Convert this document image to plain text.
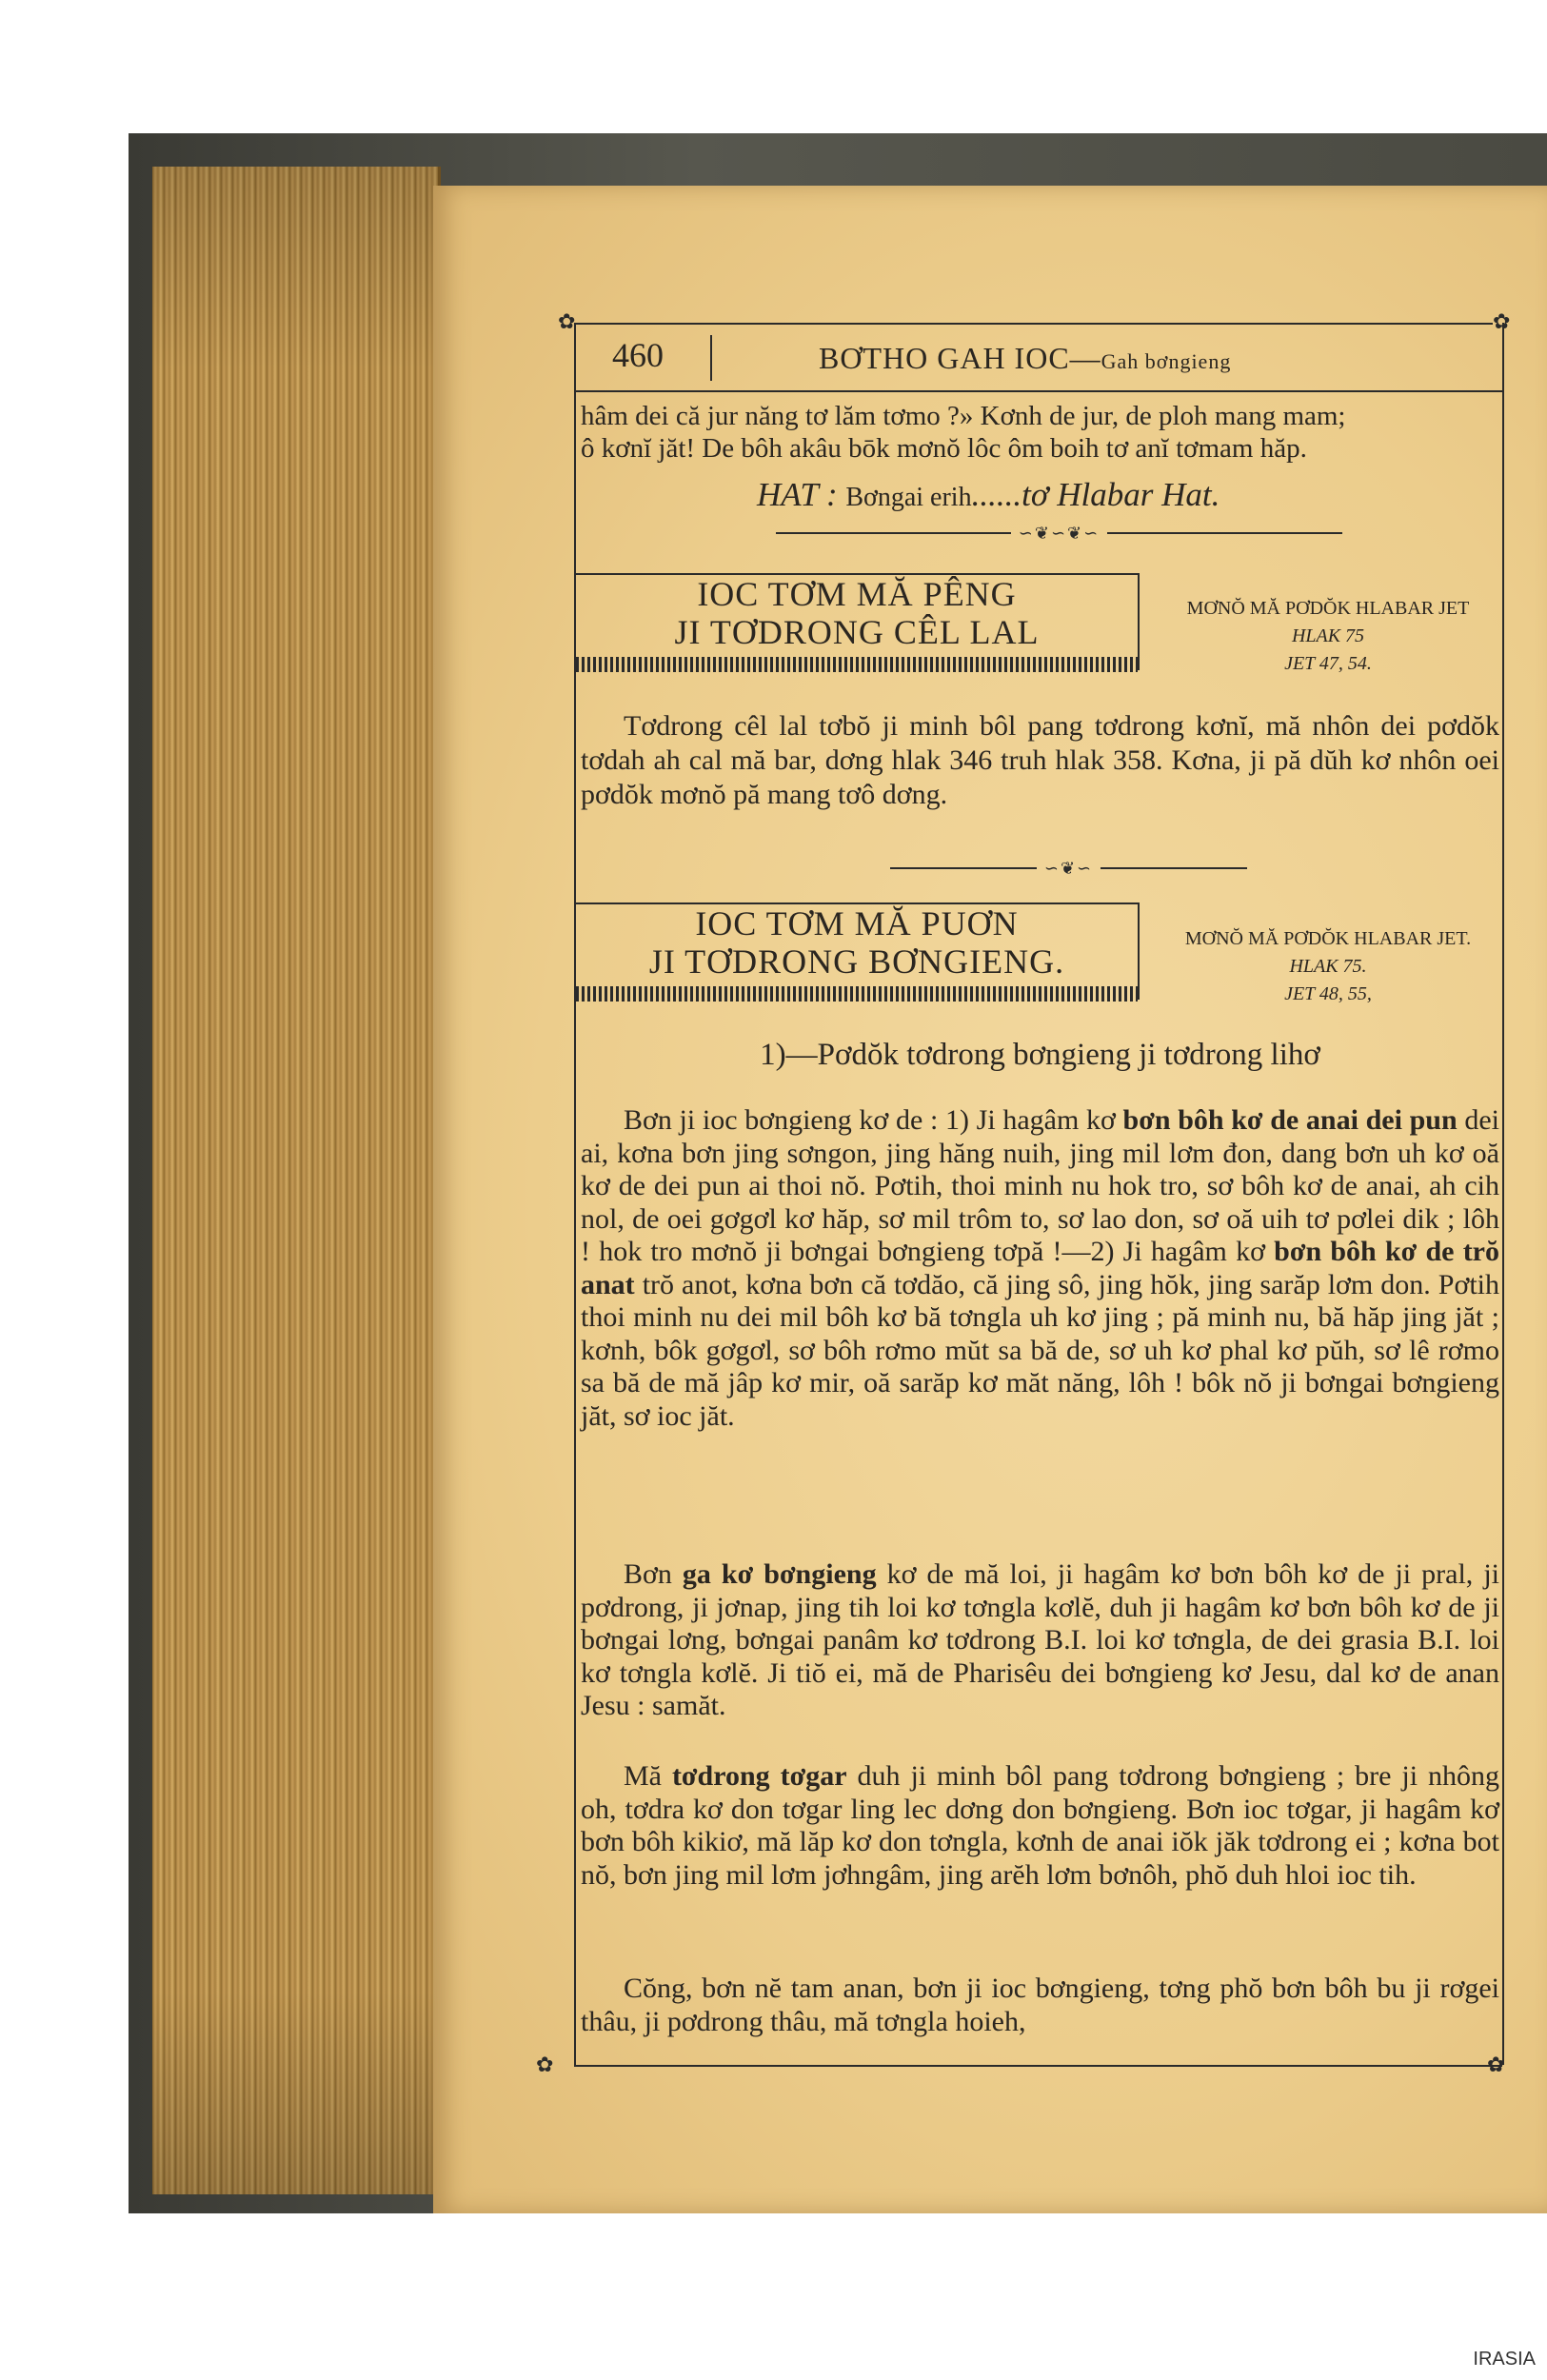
✿	✿
✿	✿
460	BƠTHO GAH IOC—Gah bơngieng
hâm dei că jur năng tơ lăm tơmo ?» Kơnh de jur, de ploh mang mam;
ô kơnĭ jăt! De bôh akâu bōk mơnŏ lôc ôm boih tơ anĭ tơmam hăp.
HAT : Bơngai erih......tơ Hlabar Hat.
∽❦∽❦∽
IOC TƠM MĂ PÊNG
JI TƠDRONG CÊL LAL
MƠNŎ MĂ PƠDŎK HLABAR JET
HLAK 75
JET 47, 54.
Tơdrong cêl lal tơbŏ ji minh bôl pang tơdrong kơnĭ, mă nhôn dei pơdŏk tơdah ah cal mă bar, dơng hlak 346 truh hlak 358. Kơna, ji pă dŭh kơ nhôn oei pơdŏk mơnŏ pă mang tơô dơng.
∽❦∽
IOC TƠM MĂ PUƠN
JI TƠDRONG BƠNGIENG.
MƠNŎ MĂ PƠDŎK HLABAR JET.
HLAK 75.
JET 48, 55,
1)—Pơdŏk tơdrong bơngieng ji tơdrong lihơ
Bơn ji ioc bơngieng kơ de : 1) Ji hagâm kơ bơn bôh kơ de anai dei pun dei ai, kơna bơn jing sơngon, jing hăng nuih, jing mil lơm đon, dang bơn uh kơ oă kơ de dei pun ai thoi nŏ. Pơtih, thoi minh nu hok tro, sơ bôh kơ de anai, ah cih nol, de oei gơgơl kơ hăp, sơ mil trôm to, sơ lao don, sơ oă uih tơ pơlei dik ; lôh ! hok tro mơnŏ ji bơngai bơngieng tơpă !—2) Ji hagâm kơ bơn bôh kơ de trŏ anat trŏ anot, kơna bơn că tơdăo, că jing sô, jing hŏk, jing sarăp lơm don. Pơtih thoi minh nu dei mil bôh kơ bă tơngla uh kơ jing ; pă minh nu, bă hăp jing jăt ; kơnh, bôk gơgơl, sơ bôh rơmo mŭt sa bă de, sơ uh kơ phal kơ pŭh, sơ lê rơmo sa bă de mă jâp kơ mir, oă sarăp kơ măt năng, lôh ! bôk nŏ ji bơngai bơngieng jăt, sơ ioc jăt.
Bơn ga kơ bơngieng kơ de mă loi, ji hagâm kơ bơn bôh kơ de ji pral, ji pơdrong, ji jơnap, jing tih loi kơ tơngla kơlĕ, duh ji hagâm kơ bơn bôh kơ de ji bơngai lơng, bơngai panâm kơ tơdrong B.I. loi kơ tơngla, de dei grasia B.I. loi kơ tơngla kơlĕ. Ji tiŏ ei, mă de Pharisêu dei bơngieng kơ Jesu, dal kơ de anan Jesu : samăt.
Mă tơdrong tơgar duh ji minh bôl pang tơdrong bơngieng ; bre ji nhông oh, tơdra kơ don tơgar ling lec dơng don bơngieng. Bơn ioc tơgar, ji hagâm kơ bơn bôh kikiơ, mă lăp kơ don tơngla, kơnh de anai iŏk jăk tơdrong ei ; kơna bot nŏ, bơn jing mil lơm jơhngâm, jing arĕh lơm bơnôh, phŏ duh hloi ioc tih.
Cŏng, bơn nĕ tam anan, bơn ji ioc bơngieng, tơng phŏ bơn bôh bu ji rơgei thâu, ji pơdrong thâu, mă tơngla hoieh,
IRASIA
